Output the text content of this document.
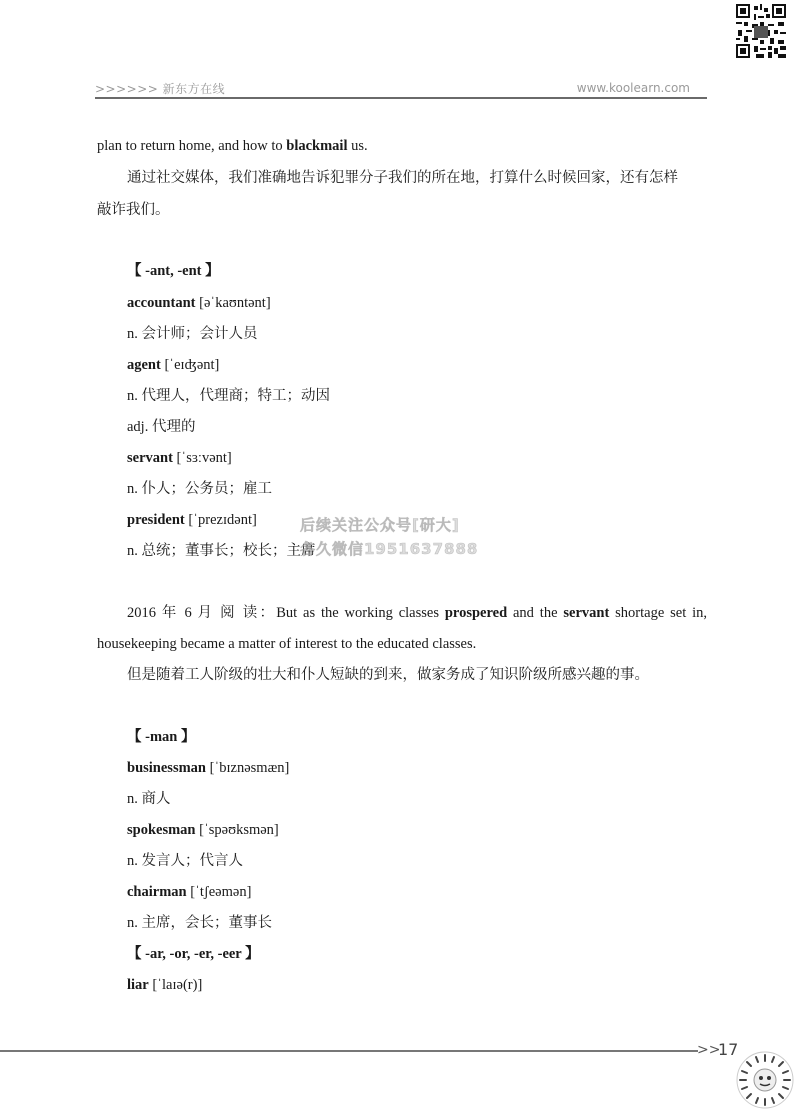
>>>>>> 新东方在线	www.koolearn.com
plan to return home, and how to blackmail us.
通过社交媒体，我们准确地告诉犯罪分子我们的所在地，打算什么时候回家，还有怎样
敲诈我们。
【 -ant, -ent 】
accountant [əˈkaʊntənt]
n. 会计师；会计人员
agent [ˈeɪʤənt]
n. 代理人，代理商；特工；动因
adj. 代理的
servant [ˈsɜːvənt]
n. 仆人；公务员；雇工
president [ˈprezɪdənt]
n. 总统；董事长；校长；主席
后续关注公众号[研大]
各久微信1951637888
2016 年 6 月 阅 读：But as the working classes prospered and the servant shortage set in,
housekeeping became a matter of interest to the educated classes.
但是随着工人阶级的壮大和仆人短缺的到来，做家务成了知识阶级所感兴趣的事。
【 -man 】
businessman [ˈbɪznəsmæn]
n. 商人
spokesman [ˈspəʊksmən]
n. 发言人；代言人
chairman [ˈtʃeəmən]
n. 主席，会长；董事长
【 -ar, -or, -er, -eer 】
liar [ˈlaɪə(r)]
>>
17
